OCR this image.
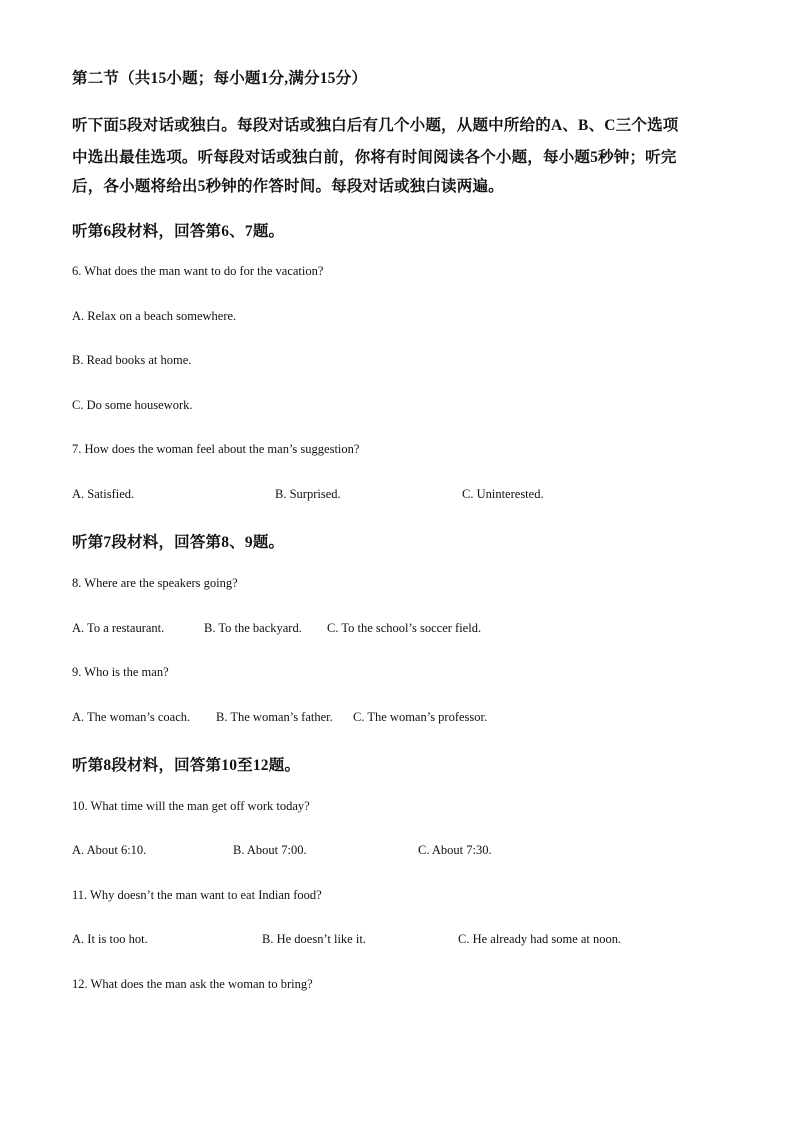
第二节（共15小题；每小题1分,满分15分）

听下面5段对话或独白。每段对话或独白后有几个小题，从题中所给的A、B、C三个选项

中选出最佳选项。听每段对话或独白前，你将有时间阅读各个小题，每小题5秒钟；听完

后，各小题将给出5秒钟的作答时间。每段对话或独白读两遍。

听第6段材料，回答第6、7题。

6. What does the man want to do for the vacation?

A. Relax on a beach somewhere.

B. Read books at home.

C. Do some housework.

7. How does the woman feel about the man’s suggestion?

A. Satisfied.	B. Surprised.	C. Uninterested.

听第7段材料，回答第8、9题。

8. Where are the speakers going?

A. To a restaurant.	B. To the backyard. C. To the school’s soccer field.

9. Who is the man?

A. The woman’s coach. B. The woman’s father. C. The woman’s professor.

听第8段材料，回答第10至12题。

10. What time will the man get off work today?

A. About 6:10.	B. About 7:00.	C. About 7:30.

11. Why doesn’t the man want to eat Indian food?

A. It is too hot.	B. He doesn’t like it.	C. He already had some at noon.

12. What does the man ask the woman to bring?
